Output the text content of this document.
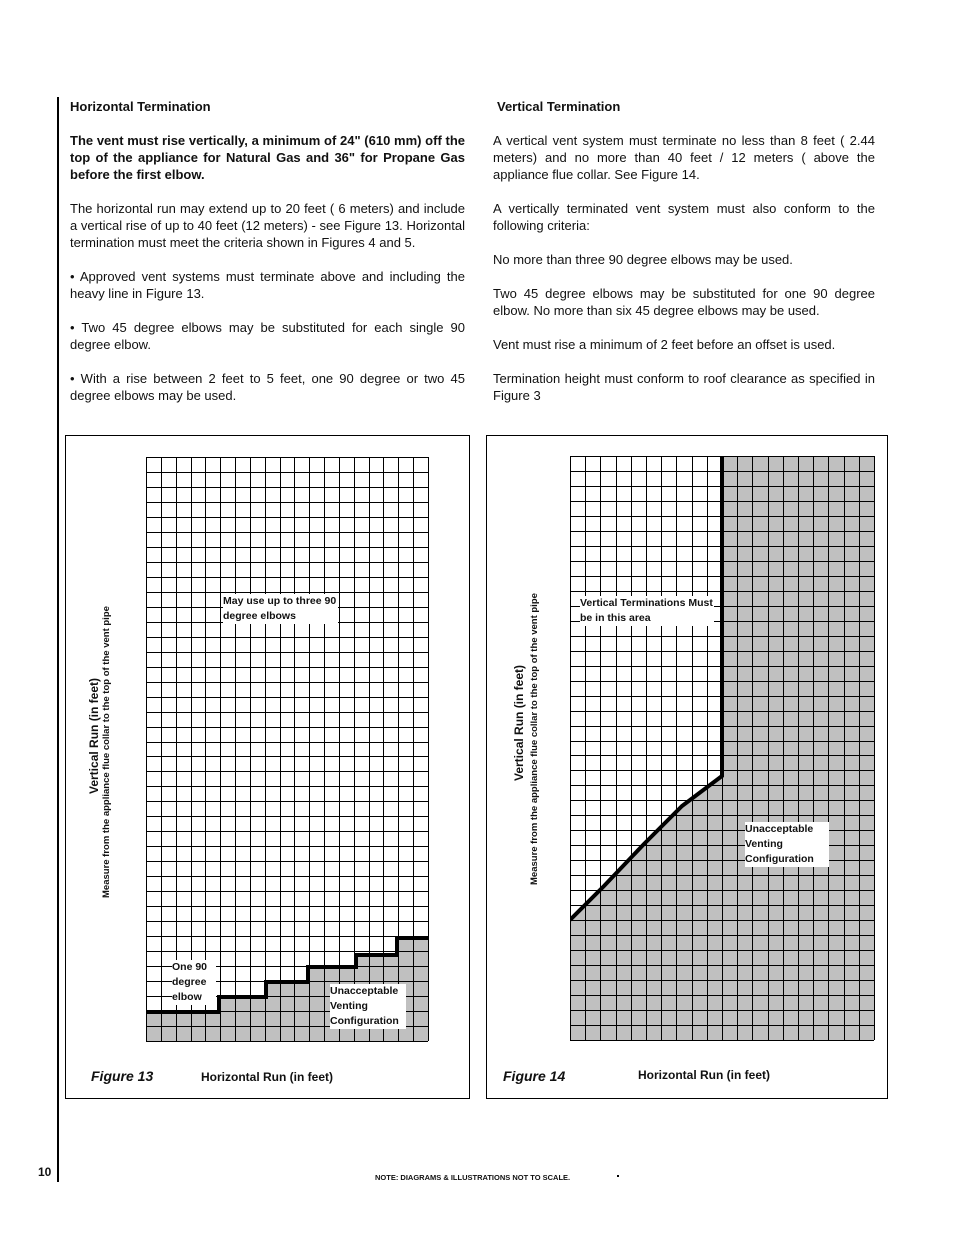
Horizontal Termination

The vent must rise vertically, a minimum of 24" (610 mm) off the top of the appliance for Natural Gas and 36" for Propane Gas before the first elbow.

The horizontal run may extend up to 20 feet ( 6 meters) and include a vertical rise of up to 40 feet (12 meters) - see Figure 13. Horizontal termination must meet the criteria shown in Figures 4 and 5.

• Approved vent systems must terminate above and including the heavy line in Figure 13.

• Two 45 degree elbows may be substituted for each single 90 degree elbow.

• With a rise between 2 feet to 5 feet, one 90 degree or two 45 degree elbows may be used.

Vertical Termination

A vertical vent system must terminate no less than 8 feet ( 2.44 meters) and no more than 40 feet / 12 meters ( above the appliance flue collar. See Figure 14.

A vertically terminated vent system must also conform to the following criteria:

No more than three 90 degree elbows may be used.

Two 45 degree elbows may be substituted for one 90 degree elbow. No more than six 45 degree elbows may be used.

Vent must rise a minimum of 2 feet before an offset is used.

Termination height must conform to roof clearance as specified in Figure 3

Vertical Run (in feet) Measure from the appliance flue collar to the top of the vent pipe
May use up to three 90 degree elbows
One 90 degree elbow	Unacceptable Venting Configuration
Figure 13	Horizontal Run (in feet)
Vertical Run (in feet) Measure from the appliance flue collar to the top of the vent pipe	Vertical Terminations Must be in this area
Unacceptable Venting Configuration
Figure 14	Horizontal Run (in feet)
10	NOTE: DIAGRAMS & ILLUSTRATIONS NOT TO SCALE.
